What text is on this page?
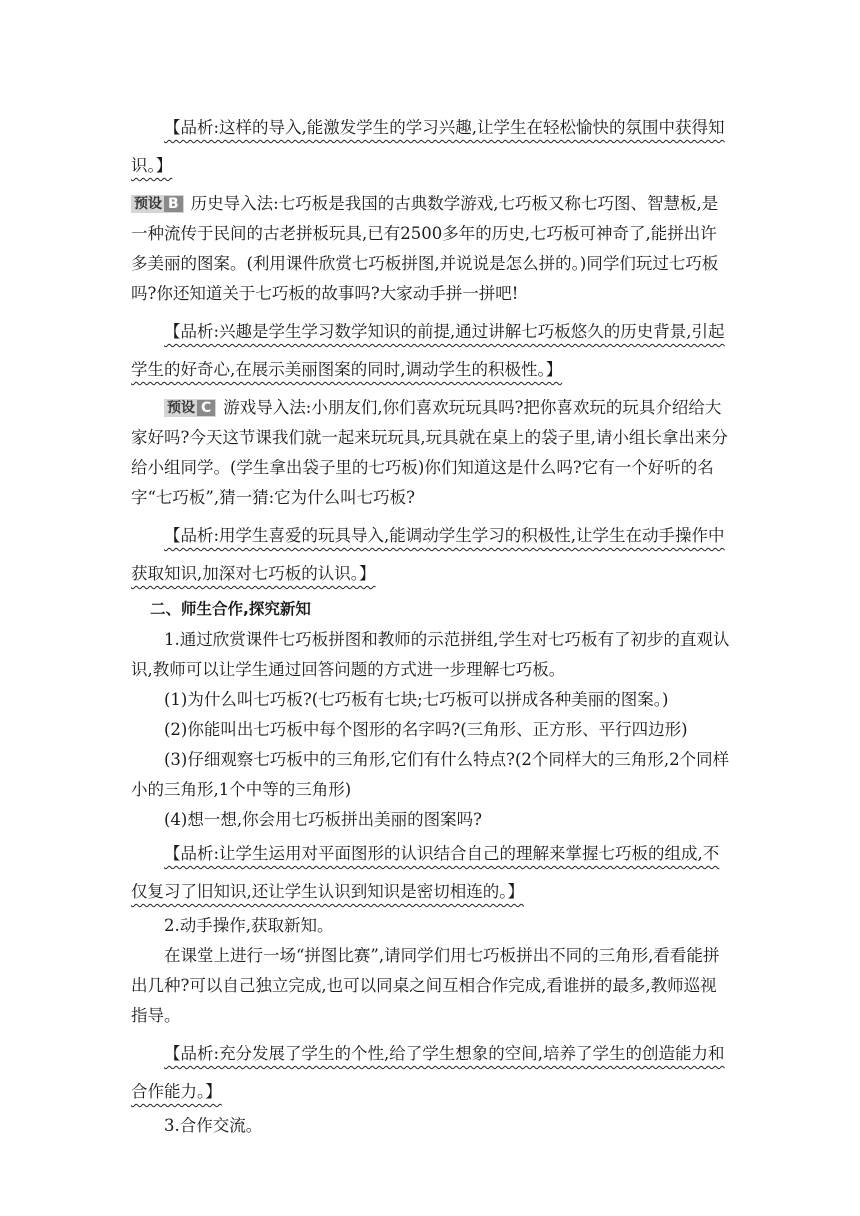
【品析:这样的导入,能激发学生的学习兴趣,让学生在轻松愉快的氛围中获得知识。】

预设 B 历史导入法:七巧板是我国的古典数学游戏,七巧板又称七巧图、智慧板,是一种流传于民间的古老拼板玩具,已有2500多年的历史,七巧板可神奇了,能拼出许多美丽的图案。(利用课件欣赏七巧板拼图,并说说是怎么拼的。)同学们玩过七巧板吗?你还知道关于七巧板的故事吗?大家动手拼一拼吧!

【品析:兴趣是学生学习数学知识的前提,通过讲解七巧板悠久的历史背景,引起学生的好奇心,在展示美丽图案的同时,调动学生的积极性。】

预设 C 游戏导入法:小朋友们,你们喜欢玩玩具吗?把你喜欢玩的玩具介绍给大家好吗?今天这节课我们就一起来玩玩具,玩具就在桌上的袋子里,请小组长拿出来分给小组同学。(学生拿出袋子里的七巧板)你们知道这是什么吗?它有一个好听的名字“七巧板”,猜一猜:它为什么叫七巧板?

【品析:用学生喜爱的玩具导入,能调动学生学习的积极性,让学生在动手操作中获取知识,加深对七巧板的认识。】

二、师生合作,探究新知

1.通过欣赏课件七巧板拼图和教师的示范拼组,学生对七巧板有了初步的直观认识,教师可以让学生通过回答问题的方式进一步理解七巧板。

(1)为什么叫七巧板?(七巧板有七块;七巧板可以拼成各种美丽的图案。)

(2)你能叫出七巧板中每个图形的名字吗?(三角形、正方形、平行四边形)

(3)仔细观察七巧板中的三角形,它们有什么特点?(2个同样大的三角形,2个同样小的三角形,1个中等的三角形)

(4)想一想,你会用七巧板拼出美丽的图案吗?

【品析:让学生运用对平面图形的认识结合自己的理解来掌握七巧板的组成,不仅复习了旧知识,还让学生认识到知识是密切相连的。】

2.动手操作,获取新知。

在课堂上进行一场“拼图比赛”,请同学们用七巧板拼出不同的三角形,看看能拼出几种?可以自己独立完成,也可以同桌之间互相合作完成,看谁拼的最多,教师巡视指导。

【品析:充分发展了学生的个性,给了学生想象的空间,培养了学生的创造能力和合作能力。】

3.合作交流。
